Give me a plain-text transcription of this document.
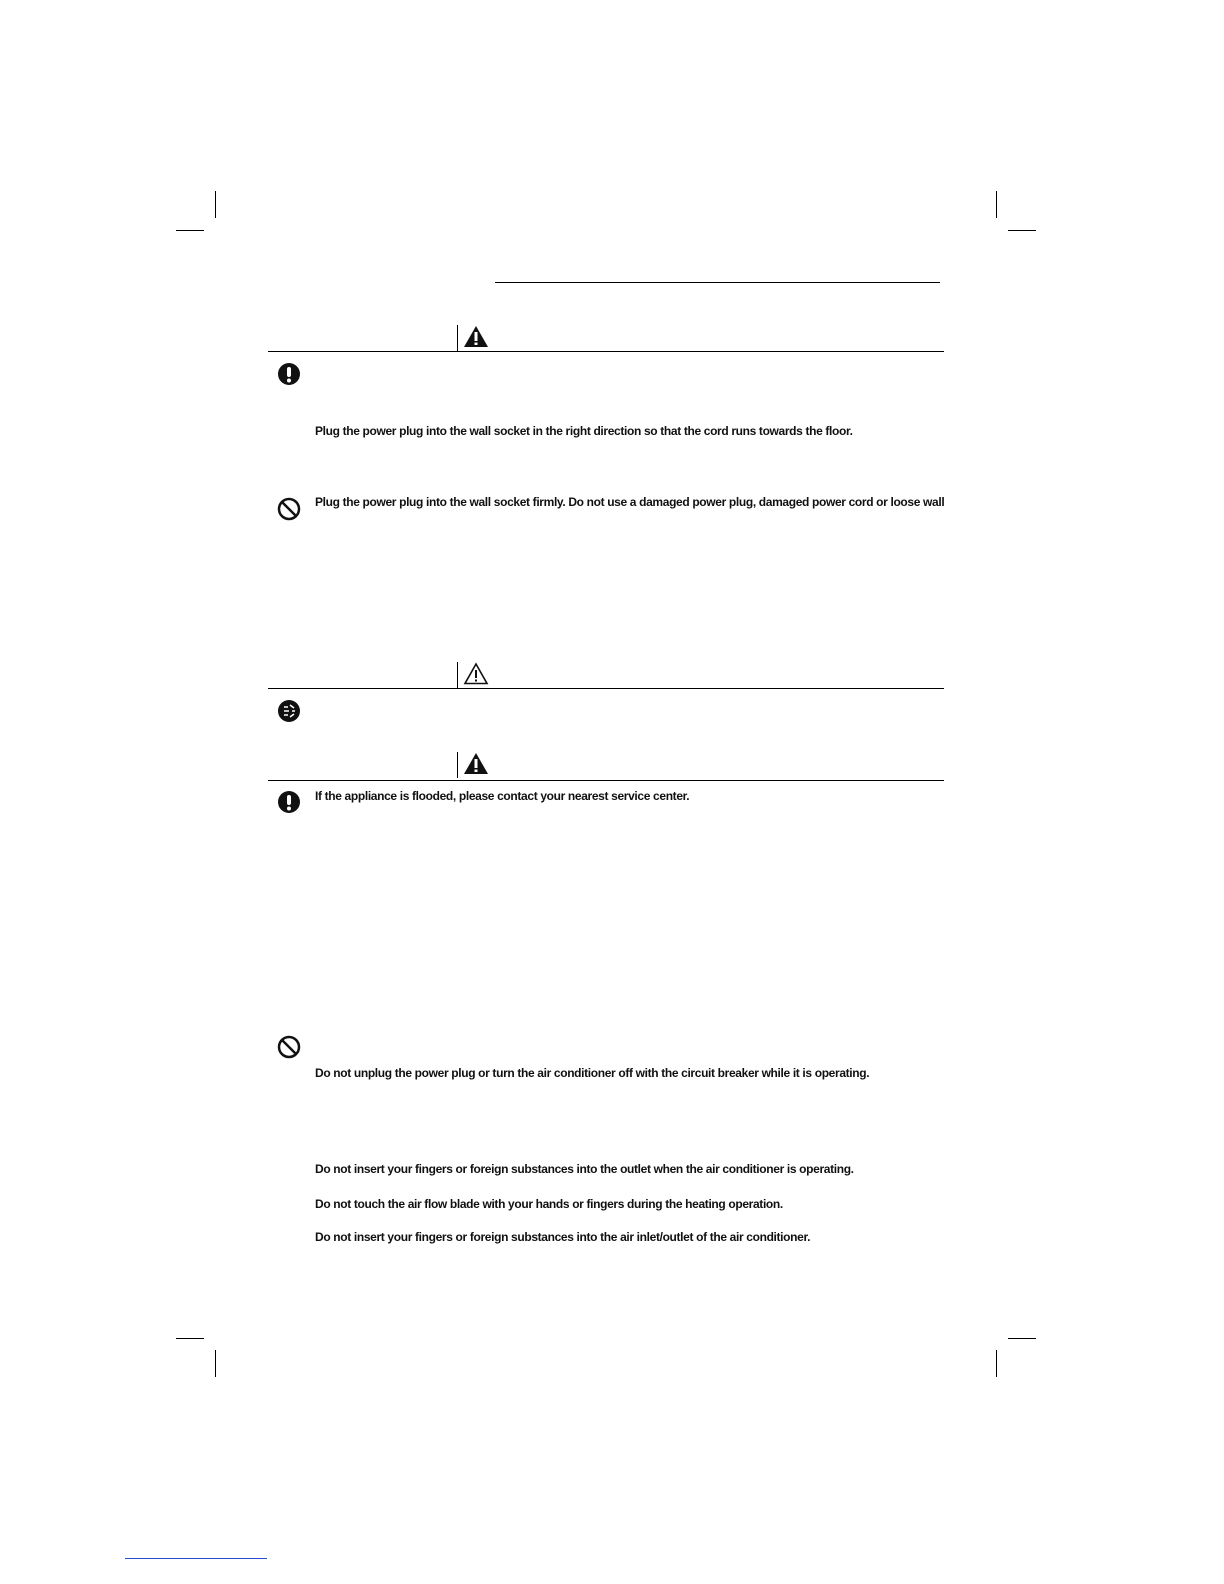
Plug the power plug into the wall socket in the right direction so that the cord runs towards the floor.
Plug the power plug into the wall socket firmly. Do not use a damaged power plug, damaged power cord or loose wall
If the appliance is flooded, please contact your nearest service center.
Do not unplug the power plug or turn the air conditioner off with the circuit breaker while it is operating.
Do not insert your fingers or foreign substances into the outlet when the air conditioner is operating.
Do not touch the air flow blade with your hands or fingers during the heating operation.
Do not insert your fingers or foreign substances into the air inlet/outlet of the air conditioner.
